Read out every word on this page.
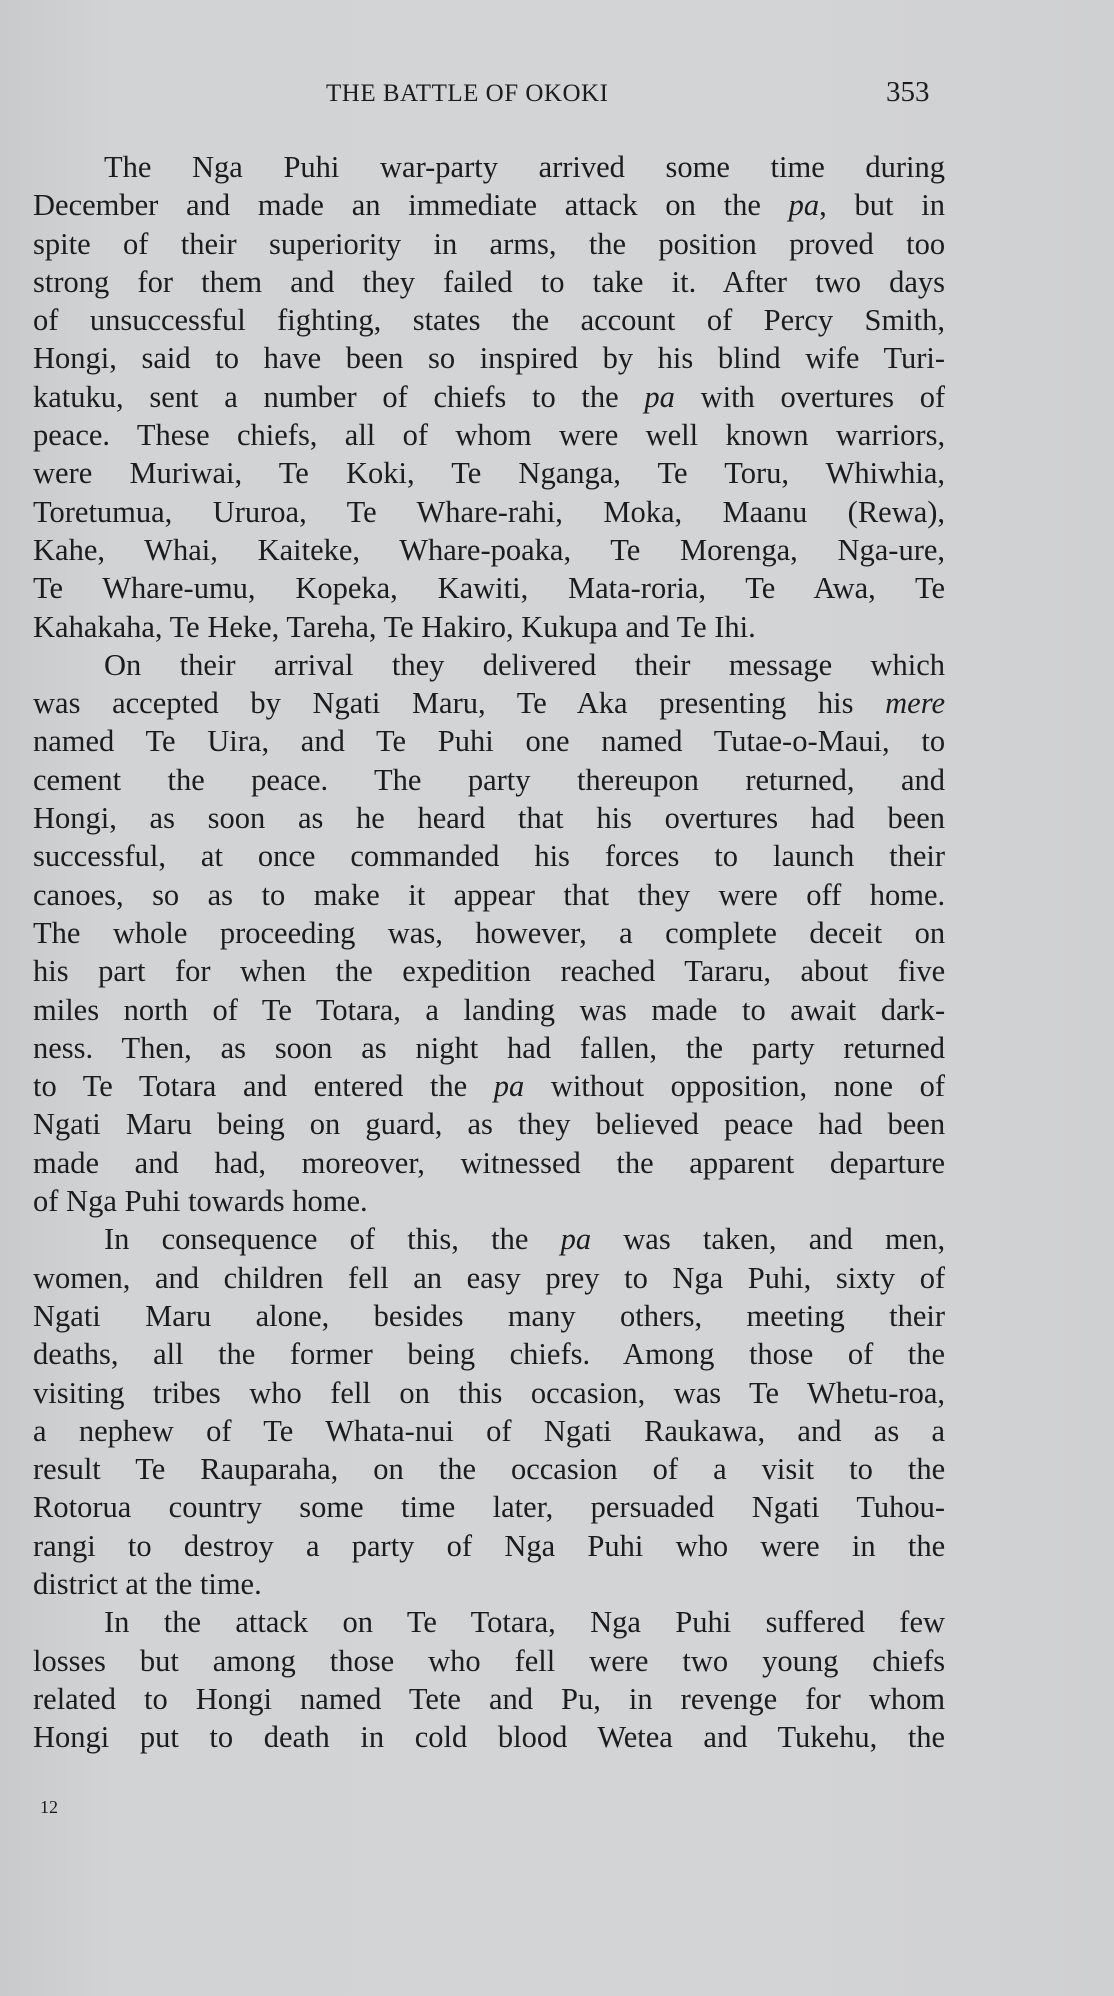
THE BATTLE OF OKOKI	353
The Nga Puhi war-party arrived some time during
December and made an immediate attack on the pa, but in
spite of their superiority in arms, the position proved too
strong for them and they failed to take it. After two days
of unsuccessful fighting, states the account of Percy Smith,
Hongi, said to have been so inspired by his blind wife Turi-
katuku, sent a number of chiefs to the pa with overtures of
peace. These chiefs, all of whom were well known warriors,
were Muriwai, Te Koki, Te Nganga, Te Toru, Whiwhia,
Toretumua, Ururoa, Te Whare-rahi, Moka, Maanu (Rewa),
Kahe, Whai, Kaiteke, Whare-poaka, Te Morenga, Nga-ure,
Te Whare-umu, Kopeka, Kawiti, Mata-roria, Te Awa, Te
Kahakaha, Te Heke, Tareha, Te Hakiro, Kukupa and Te Ihi.
On their arrival they delivered their message which
was accepted by Ngati Maru, Te Aka presenting his mere
named Te Uira, and Te Puhi one named Tutae-o-Maui, to
cement the peace. The party thereupon returned, and
Hongi, as soon as he heard that his overtures had been
successful, at once commanded his forces to launch their
canoes, so as to make it appear that they were off home.
The whole proceeding was, however, a complete deceit on
his part for when the expedition reached Tararu, about five
miles north of Te Totara, a landing was made to await dark-
ness. Then, as soon as night had fallen, the party returned
to Te Totara and entered the pa without opposition, none of
Ngati Maru being on guard, as they believed peace had been
made and had, moreover, witnessed the apparent departure
of Nga Puhi towards home.
In consequence of this, the pa was taken, and men,
women, and children fell an easy prey to Nga Puhi, sixty of
Ngati Maru alone, besides many others, meeting their
deaths, all the former being chiefs. Among those of the
visiting tribes who fell on this occasion, was Te Whetu-roa,
a nephew of Te Whata-nui of Ngati Raukawa, and as a
result Te Rauparaha, on the occasion of a visit to the
Rotorua country some time later, persuaded Ngati Tuhou-
rangi to destroy a party of Nga Puhi who were in the
district at the time.
In the attack on Te Totara, Nga Puhi suffered few
losses but among those who fell were two young chiefs
related to Hongi named Tete and Pu, in revenge for whom
Hongi put to death in cold blood Wetea and Tukehu, the
12
